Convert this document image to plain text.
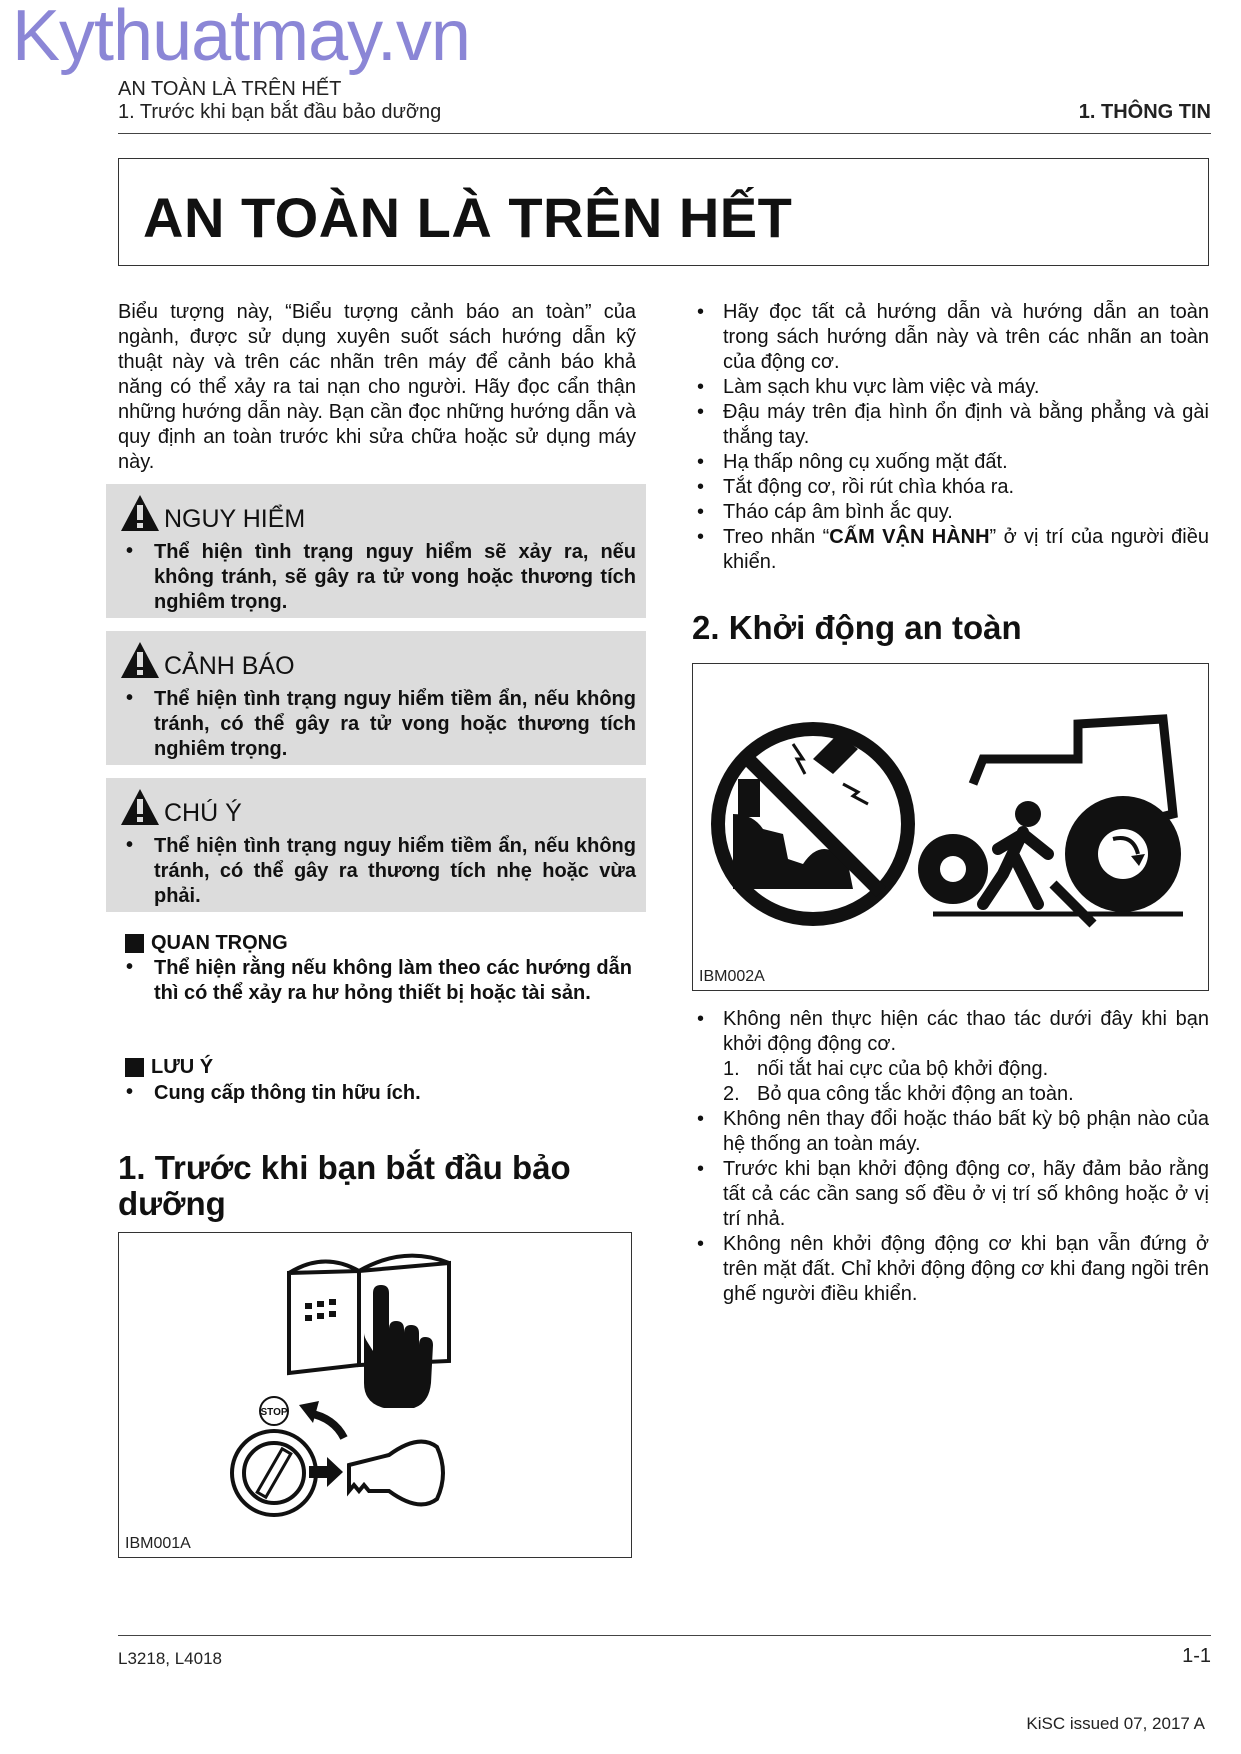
Kythuatmay.vn
AN TOÀN LÀ TRÊN HẾT
1. Trước khi bạn bắt đầu bảo dưỡng	1. THÔNG TIN
AN TOÀN LÀ TRÊN HẾT

Biểu tượng này, “Biểu tượng cảnh báo an toàn” của ngành, được sử dụng xuyên suốt sách hướng dẫn kỹ thuật này và trên các nhãn trên máy để cảnh báo khả năng có thể xảy ra tai nạn cho người. Hãy đọc cẩn thận những hướng dẫn này. Bạn cần đọc những hướng dẫn và quy định an toàn trước khi sửa chữa hoặc sử dụng máy này.

NGUY HIỂM
• Thể hiện tình trạng nguy hiểm sẽ xảy ra, nếu không tránh, sẽ gây ra tử vong hoặc thương tích nghiêm trọng.
CẢNH BÁO
• Thể hiện tình trạng nguy hiểm tiềm ẩn, nếu không tránh, có thể gây ra tử vong hoặc thương tích nghiêm trọng.
CHÚ Ý
• Thể hiện tình trạng nguy hiểm tiềm ẩn, nếu không tránh, có thể gây ra thương tích nhẹ hoặc vừa phải.
QUAN TRỌNG
• Thể hiện rằng nếu không làm theo các hướng dẫn thì có thể xảy ra hư hỏng thiết bị hoặc tài sản.
LƯU Ý
• Cung cấp thông tin hữu ích.
1. Trước khi bạn bắt đầu bảo dưỡng
STOP
IBM001A
• Hãy đọc tất cả hướng dẫn và hướng dẫn an toàn trong sách hướng dẫn này và trên các nhãn an toàn của động cơ.
• Làm sạch khu vực làm việc và máy.
• Đậu máy trên địa hình ổn định và bằng phẳng và gài thắng tay.
• Hạ thấp nông cụ xuống mặt đất.
• Tắt động cơ, rồi rút chìa khóa ra.
• Tháo cáp âm bình ắc quy.
• Treo nhãn “CẤM VẬN HÀNH” ở vị trí của người điều khiển.
2. Khởi động an toàn
IBM002A
• Không nên thực hiện các thao tác dưới đây khi bạn khởi động động cơ.
1. nối tắt hai cực của bộ khởi động.
2. Bỏ qua công tắc khởi động an toàn.
• Không nên thay đổi hoặc tháo bất kỳ bộ phận nào của hệ thống an toàn máy.
• Trước khi bạn khởi động động cơ, hãy đảm bảo rằng tất cả các cần sang số đều ở vị trí số không hoặc ở vị trí nhả.
• Không nên khởi động động cơ khi bạn vẫn đứng ở trên mặt đất. Chỉ khởi động động cơ khi đang ngồi trên ghế người điều khiển.
L3218, L4018	1-1
KiSC issued 07, 2017 A
